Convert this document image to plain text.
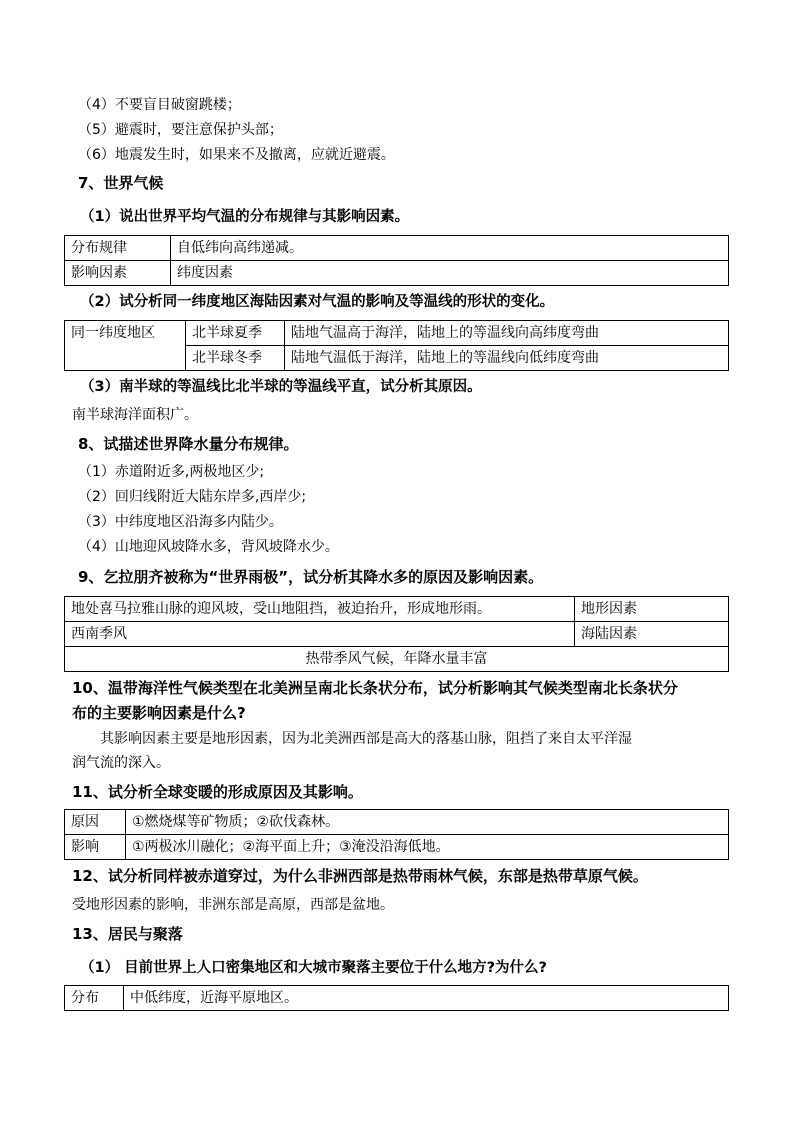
（4）不要盲目破窗跳楼；
（5）避震时，要注意保护头部；
（6）地震发生时，如果来不及撤离，应就近避震。
7、世界气候
（1）说出世界平均气温的分布规律与其影响因素。
分布规律	自低纬向高纬递减。
影响因素	纬度因素
（2）试分析同一纬度地区海陆因素对气温的影响及等温线的形状的变化。
同一纬度地区	北半球夏季	陆地气温高于海洋，陆地上的等温线向高纬度弯曲
	北半球冬季	陆地气温低于海洋，陆地上的等温线向低纬度弯曲
（3）南半球的等温线比北半球的等温线平直，试分析其原因。
南半球海洋面积广。
8、试描述世界降水量分布规律。
（1）赤道附近多,两极地区少;
（2）回归线附近大陆东岸多,西岸少;
（3）中纬度地区沿海多内陆少。
（4）山地迎风坡降水多，背风坡降水少。
9、乞拉朋齐被称为“世界雨极”，试分析其降水多的原因及影响因素。
地处喜马拉雅山脉的迎风坡，受山地阻挡，被迫抬升，形成地形雨。	地形因素
西南季风	海陆因素
热带季风气候，年降水量丰富	
10、温带海洋性气候类型在北美洲呈南北长条状分布，试分析影响其气候类型南北长条状分
布的主要影响因素是什么?
其影响因素主要是地形因素，因为北美洲西部是高大的落基山脉，阻挡了来自太平洋湿
润气流的深入。
11、试分析全球变暖的形成原因及其影响。
原因	①燃烧煤等矿物质；②砍伐森林。
影响	①两极冰川融化；②海平面上升；③淹没沿海低地。
12、试分析同样被赤道穿过，为什么非洲西部是热带雨林气候，东部是热带草原气候。
受地形因素的影响，非洲东部是高原，西部是盆地。
13、居民与聚落
（1） 目前世界上人口密集地区和大城市聚落主要位于什么地方?为什么?
分布	中低纬度，近海平原地区。
